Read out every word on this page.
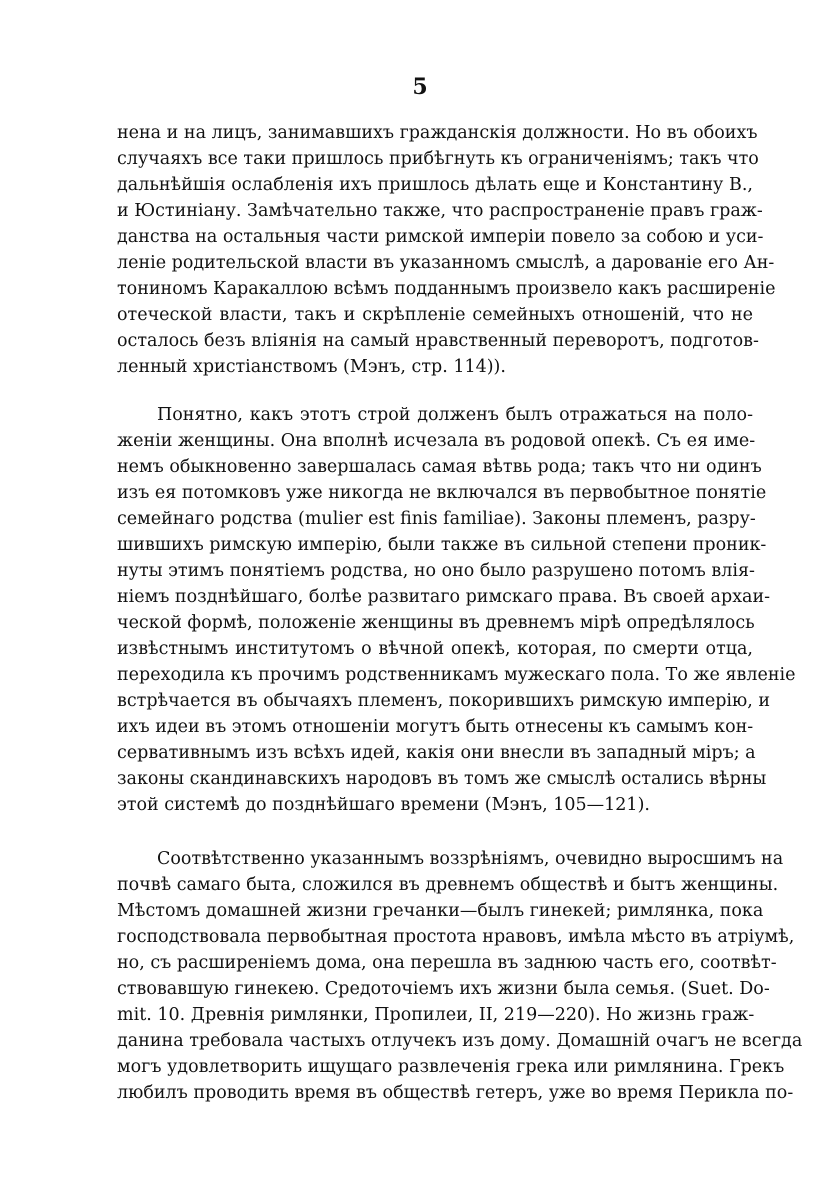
5
нена и на лицъ, занимавшихъ гражданскія должности. Но въ обоихъ
случаяхъ все таки пришлось прибѣгнуть къ ограниченіямъ; такъ что
дальнѣйшія ослабленія ихъ пришлось дѣлать еще и Константину В.,
и Юстиніану. Замѣчательно также, что распространеніе правъ граж-
данства на остальныя части римской имперіи повело за собою и уси-
леніе родительской власти въ указанномъ смыслѣ, а дарованіе его Ан-
тониномъ Каракаллою всѣмъ подданнымъ произвело какъ расширеніе
отеческой власти, такъ и скрѣпленіе семейныхъ отношеній, что не
осталось безъ вліянія на самый нравственный переворотъ, подготов-
ленный христіанствомъ (Мэнъ, стр. 114)).
Понятно, какъ этотъ строй долженъ былъ отражаться на поло-
женіи женщины. Она вполнѣ исчезала въ родовой опекѣ. Съ ея име-
немъ обыкновенно завершалась самая вѣтвь рода; такъ что ни одинъ
изъ ея потомковъ уже никогда не включался въ первобытное понятіе
семейнаго родства (mulier est finis familiae). Законы племенъ, разру-
шившихъ римскую имперію, были также въ сильной степени проник-
нуты этимъ понятіемъ родства, но оно было разрушено потомъ влія-
ніемъ позднѣйшаго, болѣе развитаго римскаго права. Въ своей архаи-
ческой формѣ, положеніе женщины въ древнемъ мірѣ опредѣлялось
извѣстнымъ институтомъ о вѣчной опекѣ, которая, по смерти отца,
переходила къ прочимъ родственникамъ мужескаго пола. То же явленіе
встрѣчается въ обычаяхъ племенъ, покорившихъ римскую имперію, и
ихъ идеи въ этомъ отношеніи могутъ быть отнесены къ самымъ кон-
сервативнымъ изъ всѣхъ идей, какія они внесли въ западный міръ; а
законы скандинавскихъ народовъ въ томъ же смыслѣ остались вѣрны
этой системѣ до позднѣйшаго времени (Мэнъ, 105—121).
Соотвѣтственно указаннымъ воззрѣніямъ, очевидно выросшимъ на
почвѣ самаго быта, сложился въ древнемъ обществѣ и бытъ женщины.
Мѣстомъ домашней жизни гречанки—былъ гинекей; римлянка, пока
господствовала первобытная простота нравовъ, имѣла мѣсто въ атріумѣ,
но, съ расширеніемъ дома, она перешла въ заднюю часть его, соотвѣт-
ствовавшую гинекею. Средоточіемъ ихъ жизни была семья. (Suet. Do-
mit. 10. Древнія римлянки, Пропилеи, II, 219—220). Но жизнь граж-
данина требовала частыхъ отлучекъ изъ дому. Домашній очагъ не всегда
могъ удовлетворить ищущаго развлеченія грека или римлянина. Грекъ
любилъ проводить время въ обществѣ гетеръ, уже во время Перикла по-
